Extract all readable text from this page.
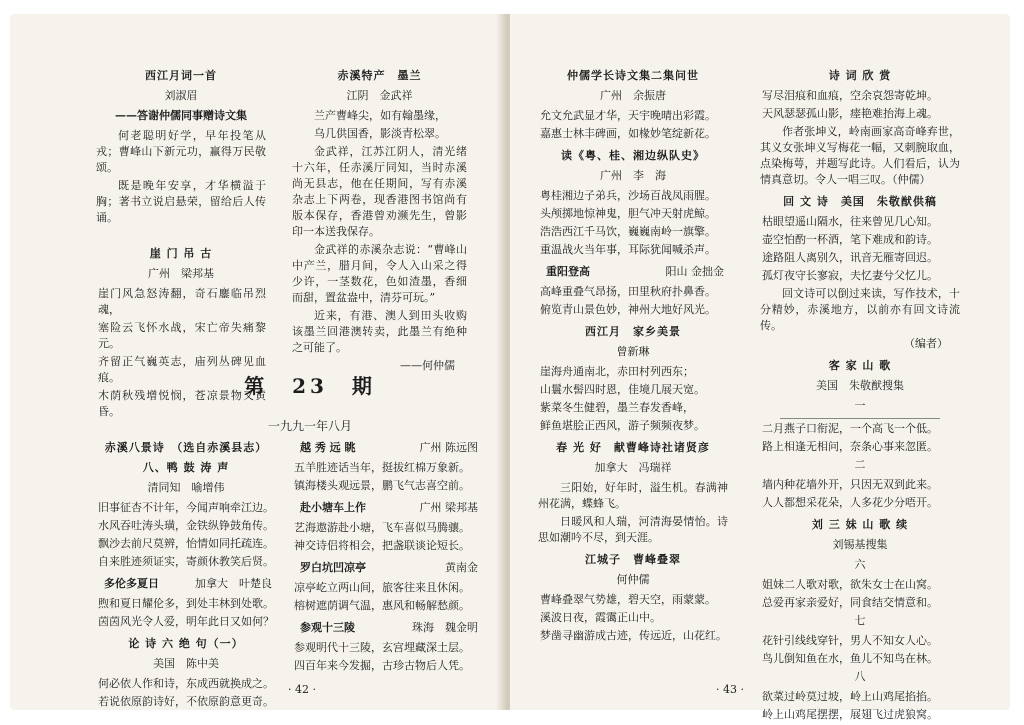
西江月词一首
刘淑眉
——答谢仲儒同事赠诗文集

何老聪明好学，早年投笔从戎；曹峰山下新元功，赢得万民敬颂。

既是晚年安享，才华横溢于胸；著书立说启悬荣，留给后人传诵。

崖 门 吊 古
广州　梁邦基

崖门风急怒涛翻，奇石鏖临吊烈魂，

塞险云飞怀水战，宋亡帝失痛黎元。

齐留正气巍英志，庙列丛碑见血痕。

木荫秋残增悦悯，苍凉景物又黄昏。

赤溪特产　墨兰
江阴　金武祥

兰产曹峰尖，如有翰墨缘，

乌几供国香，影淡青松翠。

金武祥，江苏江阴人，清光绪十六年，任赤溪厅同知，当时赤溪尚无县志，他在任期间，写有赤溪杂志上下两卷，现香港图书馆尚有版本保存，香港曾劝濒先生，曾影印一本送我保存。

金武祥的赤溪杂志说：“曹峰山中产兰，腊月间，令人入山采之得少许，一茎数花，色如渣墨，香细而甜，置盆盎中，清芬可玩。”

近来，有港、澳人到田头收购该墨兰回港澳转卖，此墨兰有绝种之可能了。

——何仲儒
第　23　期
一九九一年八月
赤溪八景诗　（选自赤溪县志）
八、鸭 鼓 涛 声
清同知　喻增伟

旧事征杏不计年，今闻声响牵江边。

水风吞吐涛头璜，金铁纵铮鼓角传。

飘沙去前尺莫辨，怡情如同托疏连。

自来胜迹须证实，寄颜休教笑后贤。

多伦多夏日	加拿大　叶楚良

煦和夏日耀伦多，到处丰林到处歌。

茵茵风光令人爱，明年此日又如何？

论 诗 六 绝 句（一）
美国　陈中美

何必依人作和诗，东成西就换成之。

若说依原韵诗好，不依原韵意更奇。

越 秀 远 眺	广州 陈远图

五羊胜迹话当年，挺拔红棉万象新。

镇海楼头观远景，鹏飞气志喜空前。

赴小塘车上作	广州 梁邦基

艺海遨游赴小塘，飞车喜似马腾骧。

神交诗侣将相会，把盏联谈论短长。

罗白坑凹凉亭	黄南金

凉亭屹立两山间，旅客往来且休闲。

榕树遮荫调气温，惠风和畅解愁颜。

参观十三陵	珠海　魏金明

参观明代十三陵，玄宫埋藏深土层。

四百年来今发掘，古珍古物后人凭。

· 42 ·
仲儒学长诗文集二集问世
广州　余振唐

允文允武显才华，天宇晚晴出彩霞。

嘉惠士林丰碑画，如椽妙笔绽新花。

读《粤、桂、湘边纵队史》
广州　李　海

粤桂湘边子弟兵，沙场百战凤雨腥。

头颅掷地惊神鬼，胆气冲天射虎鲸。

浩浩西江千马饮，巍巍南岭一旗擎。

重温战火当年事，耳际犹闻喊杀声。

重阳登高	阳山 金拙金

高峰重叠气昂扬，田里秋府扑鼻香。

俯览青山景色妙，神州大地好风光。

西江月　家乡美景
曾新琳

崖海舟通南北，赤田村列西东；

山鬟水髻四时恩，佳境几展天宽。

紫菜冬生健碧，墨兰春发香峰，

鲜鱼堪脍正西风，游子频频夜梦。

春 光 好　献曹峰诗社诸贤彦
加拿大　冯瑞祥

三阳始，好年时，溢生机。春满神州花满，蝶蜂飞。

日暖风和人瑞，河清海晏情怡。诗思如潮吟不尽，到天涯。

江城子　曹峰叠翠
何仲儒

曹峰叠翠气势雄，碧天空，雨蒙蒙。

溪波日夜，霞霭正山中。

梦凿寻幽游成古迹，传远近，山花红。

诗 词 欣 赏

写尽泪痕和血痕，空余哀怨寄乾坤。

天风瑟瑟孤山影，瘗艳难抬海上魂。

作者张坤义，岭南画家高奇峰弃世，其义女张坤义写梅花一幅，又刺腕取血，点染梅萼，并题写此诗。人们看后，认为情真意切。令人一唱三叹。（仲儒）

回 文 诗　美国　朱敬猷供稿

枯眼望遥山隔水，往来曾见几心知。

壶空怕酌一杯酒，笔下难成和韵诗。

途路阻人离别久，讯音无雁寄回迟。

孤灯夜守长寥寂，夫忆妻兮父忆儿。

回文诗可以倒过来读，写作技术，十分精妙，赤溪地方，以前亦有回文诗流传。

（编者）
客 家 山 歌
美国　朱敬猷搜集
一

二月燕子口衔泥，一个高飞一个低。

路上相逢无相问，奈条心事来忽匿。

二

墙内种花墙外开，只因无双到此来。

人人都想采花朵，人多花少分唔开。

刘 三 妹 山 歌 续
刘锡基搜集
六

姐妹二人歌对歌，欲朱女士在山窝。

总爱再家亲爱好，同食结交情意和。

七

花针引线线穿针，男人不知女人心。

鸟儿倒知鱼在水，鱼儿不知鸟在林。

八

欲菜过岭莫过坡，岭上山鸡尾掐掐。

岭上山鸡尾摆摆，展翅飞过虎狼窝。

· 43 ·
